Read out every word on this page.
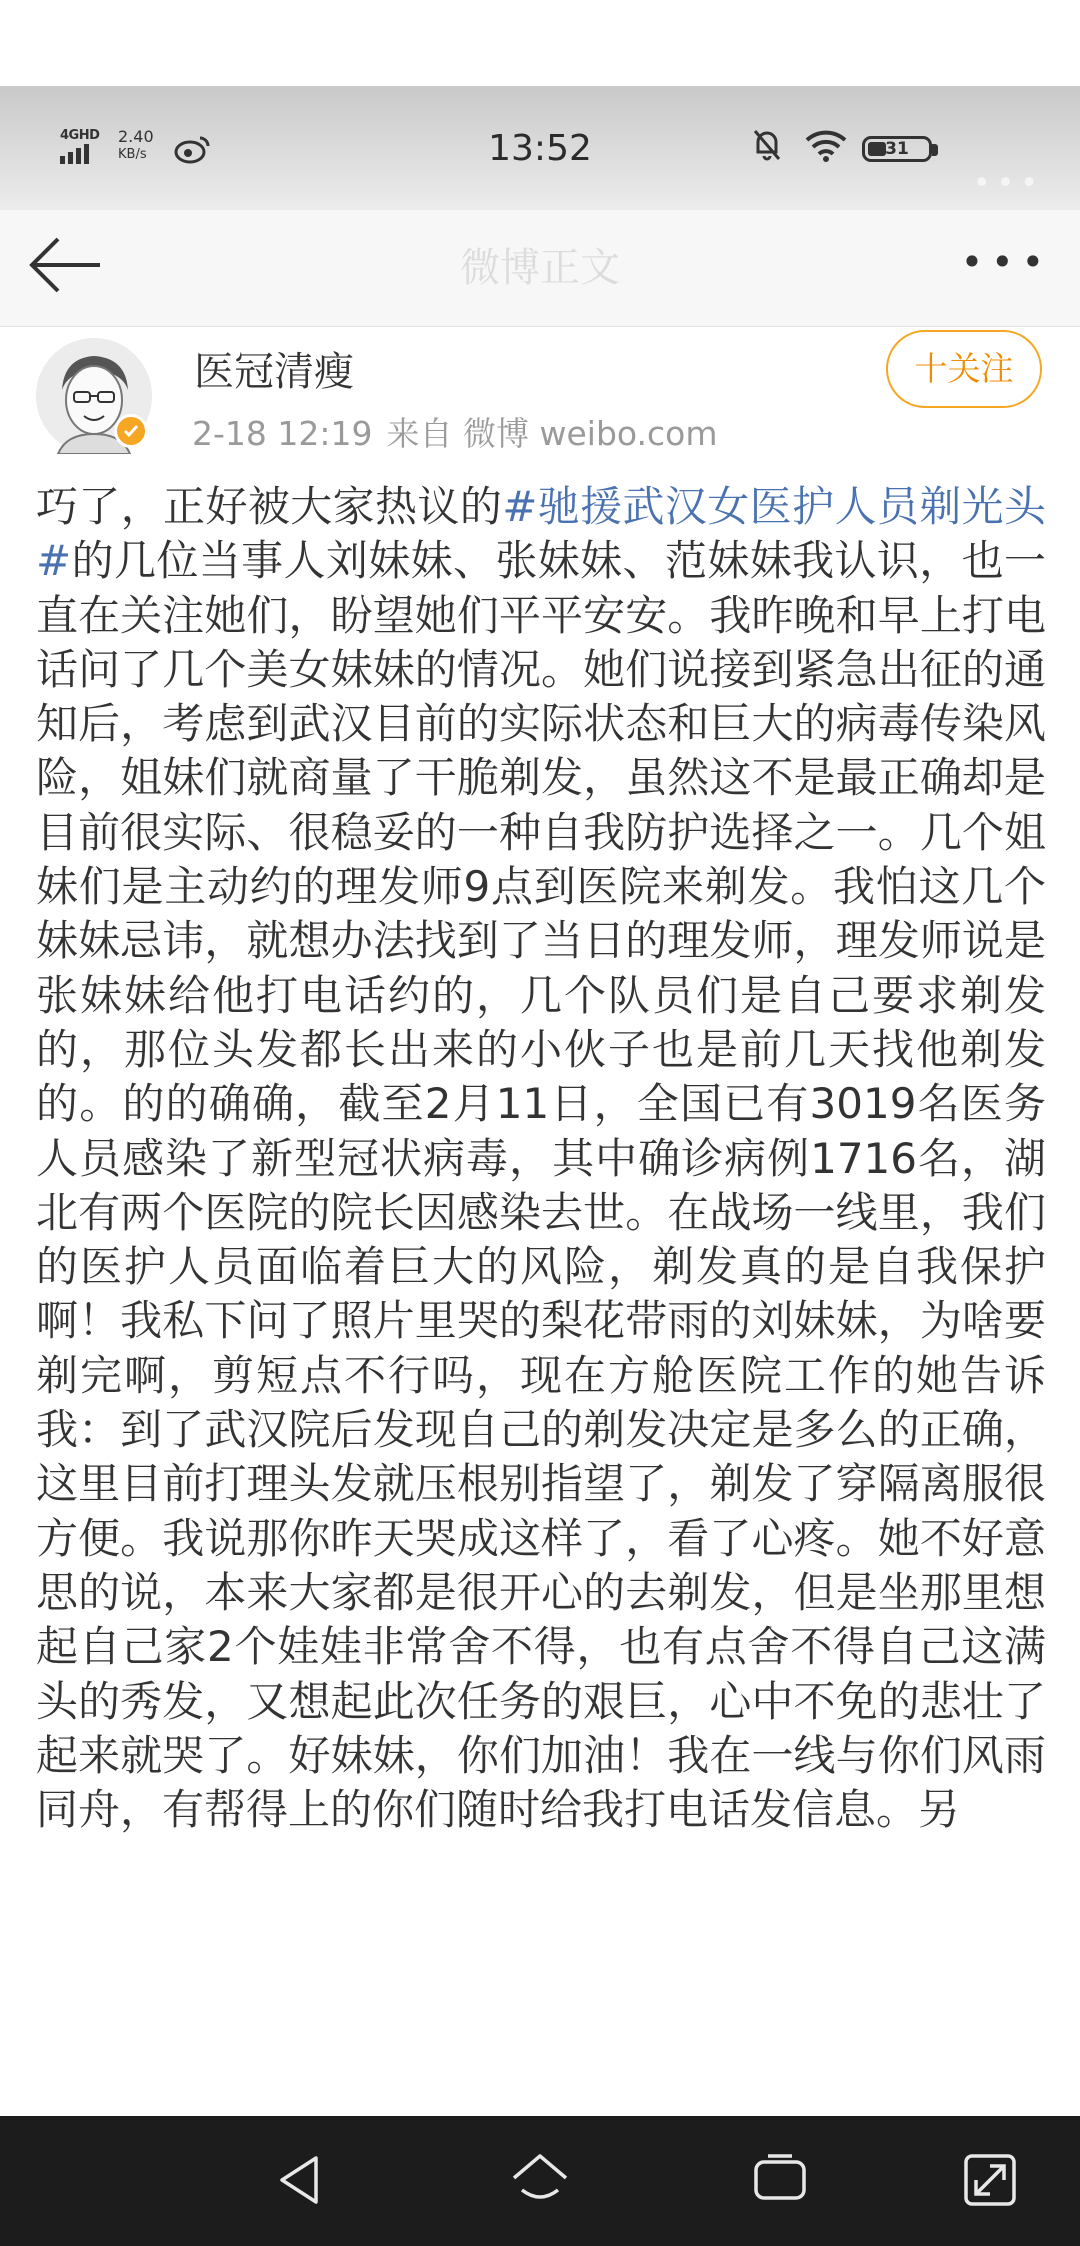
4GHD 2.40
KB/s	13:52	31
•••
微博正文	•••
医冠清瘦
2-18 12:19 来自 微博 weibo.com
十关注
巧了，正好被大家热议的#驰援武汉女医护人员剃光头#的几位当事人刘妹妹、张妹妹、范妹妹我认识，也一直在关注她们，盼望她们平平安安。我昨晚和早上打电话问了几个美女妹妹的情况。她们说接到紧急出征的通知后，考虑到武汉目前的实际状态和巨大的病毒传染风险，姐妹们就商量了干脆剃发，虽然这不是最正确却是目前很实际、很稳妥的一种自我防护选择之一。几个姐妹们是主动约的理发师9点到医院来剃发。我怕这几个妹妹忌讳，就想办法找到了当日的理发师，理发师说是张妹妹给他打电话约的，几个队员们是自己要求剃发的，那位头发都长出来的小伙子也是前几天找他剃发的。的的确确，截至2月11日，全国已有3019名医务人员感染了新型冠状病毒，其中确诊病例1716名，湖北有两个医院的院长因感染去世。在战场一线里，我们的医护人员面临着巨大的风险，剃发真的是自我保护啊！我私下问了照片里哭的梨花带雨的刘妹妹，为啥要剃完啊，剪短点不行吗，现在方舱医院工作的她告诉我：到了武汉院后发现自己的剃发决定是多么的正确，这里目前打理头发就压根别指望了，剃发了穿隔离服很方便。我说那你昨天哭成这样了，看了心疼。她不好意思的说，本来大家都是很开心的去剃发，但是坐那里想起自己家2个娃娃非常舍不得，也有点舍不得自己这满头的秀发，又想起此次任务的艰巨，心中不免的悲壮了起来就哭了。好妹妹，你们加油！我在一线与你们风雨同舟，有帮得上的你们随时给我打电话发信息。另
